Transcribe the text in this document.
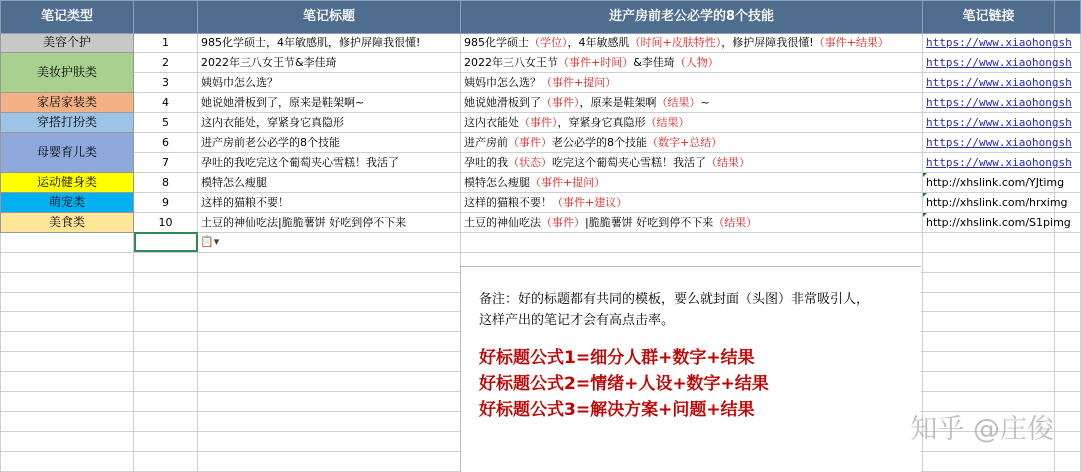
笔记类型		笔记标题	进产房前老公必学的8个技能	笔记链接	
美容个护	1	985化学硕士，4年敏感肌，修护屏障我很懂!	985化学硕士（学位），4年敏感肌（时间+皮肤特性），修护屏障我很懂!（事件+结果）	https://www.xiaohongsh	
美妆护肤类	2	2022年三八女王节&李佳琦	2022年三八女王节（事件+时间）&李佳琦（人物）	https://www.xiaohongsh	
	3	姨妈巾怎么选？	姨妈巾怎么选？（事件+提问）	https://www.xiaohongsh	
家居家装类	4	她说她滑板到了，原来是鞋架啊~	她说她滑板到了（事件），原来是鞋架啊（结果）~	https://www.xiaohongsh	
穿搭打扮类	5	这内衣能处，穿紧身它真隐形	这内衣能处（事件），穿紧身它真隐形（结果）	https://www.xiaohongsh	
母婴育儿类	6	进产房前老公必学的8个技能	进产房前（事件）老公必学的8个技能（数字+总结）	https://www.xiaohongsh	
	7	孕吐的我吃完这个葡萄夹心雪糕！我活了	孕吐的我（状态）吃完这个葡萄夹心雪糕！我活了（结果）	https://www.xiaohongsh	
运动健身类	8	模特怎么瘦腿	模特怎么瘦腿（事件+提问）	http://xhslink.com/YJtimg

萌宠类	9	这样的猫粮不要！	这样的猫粮不要！（事件+建议）	http://xhslink.com/hrximg

美食类	10	土豆的神仙吃法|脆脆薯饼 好吃到停不下来	土豆的神仙吃法（事件）|脆脆薯饼 好吃到停不下来（结果）	http://xhslink.com/S1pimg

📋▾
备注：好的标题都有共同的模板，要么就封面（头图）非常吸引人，
这样产出的笔记才会有高点击率。
好标题公式1=细分人群+数字+结果
好标题公式2=情绪+人设+数字+结果
好标题公式3=解决方案+问题+结果
知乎 @庄俊
